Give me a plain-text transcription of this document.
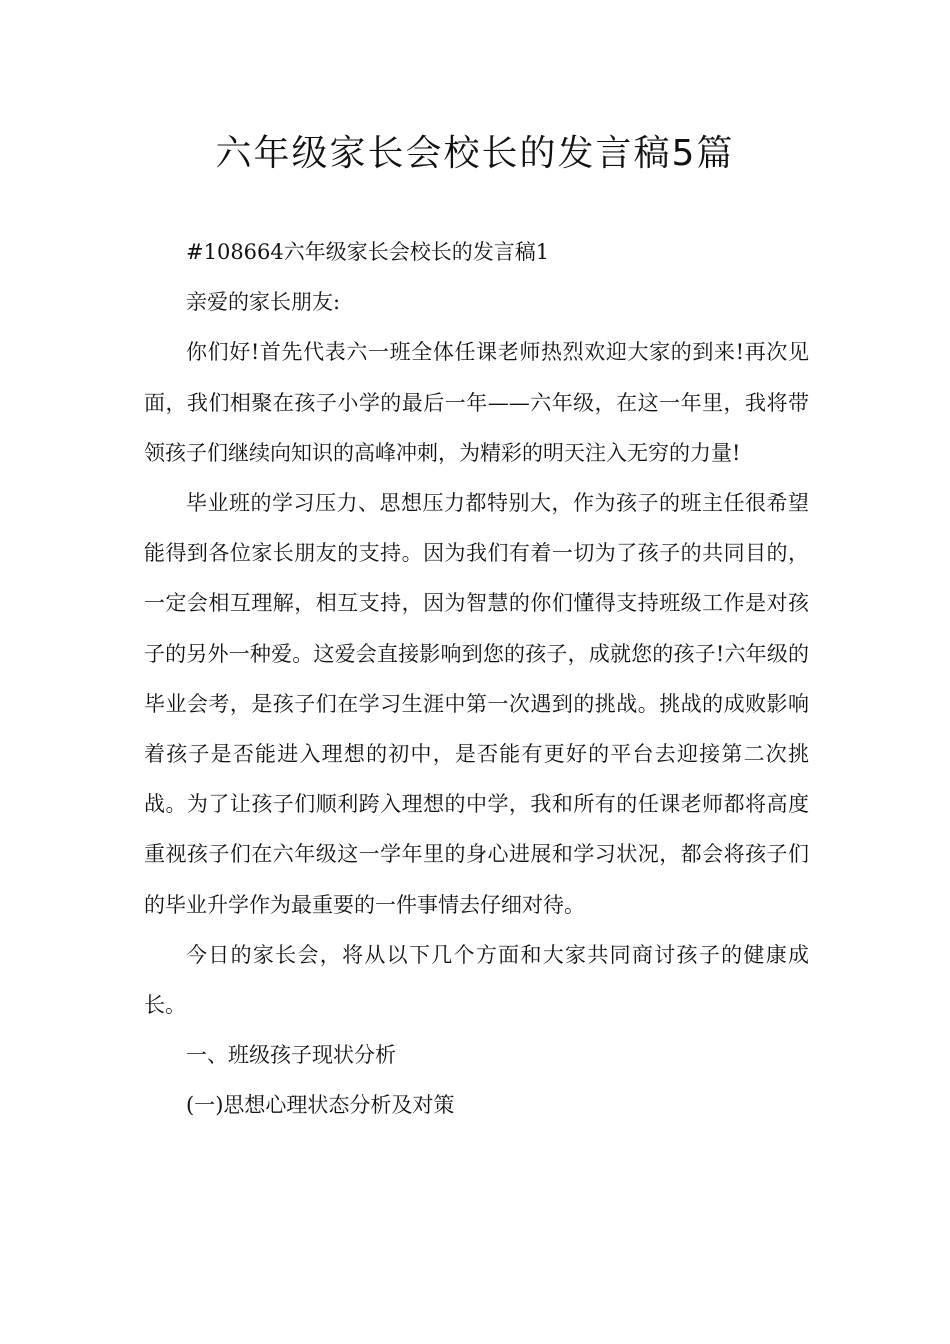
六年级家长会校长的发言稿5篇

#108664六年级家长会校长的发言稿1

亲爱的家长朋友:

你们好!首先代表六一班全体任课老师热烈欢迎大家的到来!再次见面，我们相聚在孩子小学的最后一年——六年级，在这一年里，我将带领孩子们继续向知识的高峰冲刺，为精彩的明天注入无穷的力量!

毕业班的学习压力、思想压力都特别大，作为孩子的班主任很希望能得到各位家长朋友的支持。因为我们有着一切为了孩子的共同目的，一定会相互理解，相互支持，因为智慧的你们懂得支持班级工作是对孩子的另外一种爱。这爱会直接影响到您的孩子，成就您的孩子!六年级的毕业会考，是孩子们在学习生涯中第一次遇到的挑战。挑战的成败影响着孩子是否能进入理想的初中，是否能有更好的平台去迎接第二次挑战。为了让孩子们顺利跨入理想的中学，我和所有的任课老师都将高度重视孩子们在六年级这一学年里的身心进展和学习状况，都会将孩子们的毕业升学作为最重要的一件事情去仔细对待。

今日的家长会，将从以下几个方面和大家共同商讨孩子的健康成长。

一、班级孩子现状分析

(一)思想心理状态分析及对策
